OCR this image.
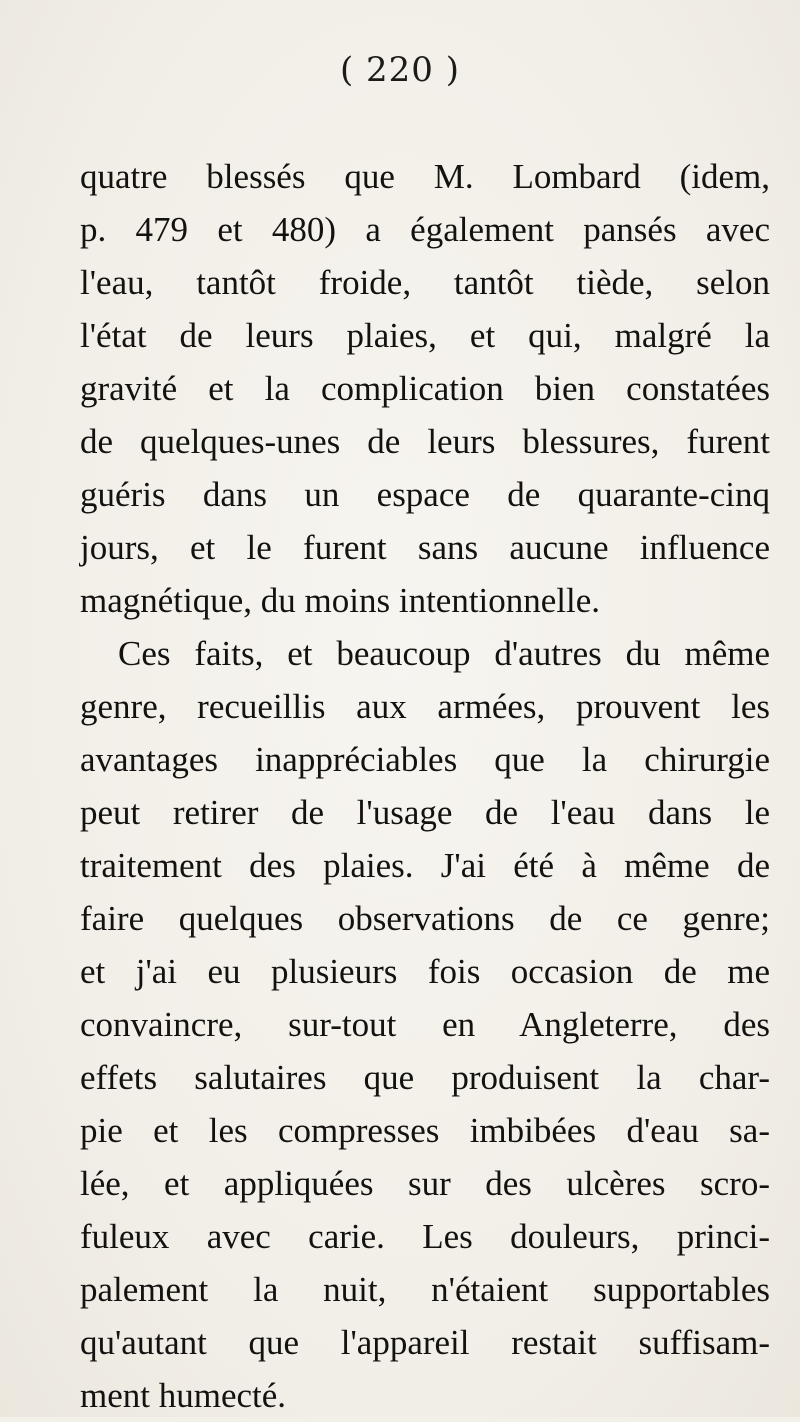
( 220 )
quatre blessés que M. Lombard (idem,
p. 479 et 480) a également pansés avec
l'eau, tantôt froide, tantôt tiède, selon
l'état de leurs plaies, et qui, malgré la
gravité et la complication bien constatées
de quelques-unes de leurs blessures, furent
guéris dans un espace de quarante-cinq
jours, et le furent sans aucune influence
magnétique, du moins intentionnelle.
Ces faits, et beaucoup d'autres du même
genre, recueillis aux armées, prouvent les
avantages inappréciables que la chirurgie
peut retirer de l'usage de l'eau dans le
traitement des plaies. J'ai été à même de
faire quelques observations de ce genre;
et j'ai eu plusieurs fois occasion de me
convaincre, sur-tout en Angleterre, des
effets salutaires que produisent la char-
pie et les compresses imbibées d'eau sa-
lée, et appliquées sur des ulcères scro-
fuleux avec carie. Les douleurs, princi-
palement la nuit, n'étaient supportables
qu'autant que l'appareil restait suffisam-
ment humecté.
